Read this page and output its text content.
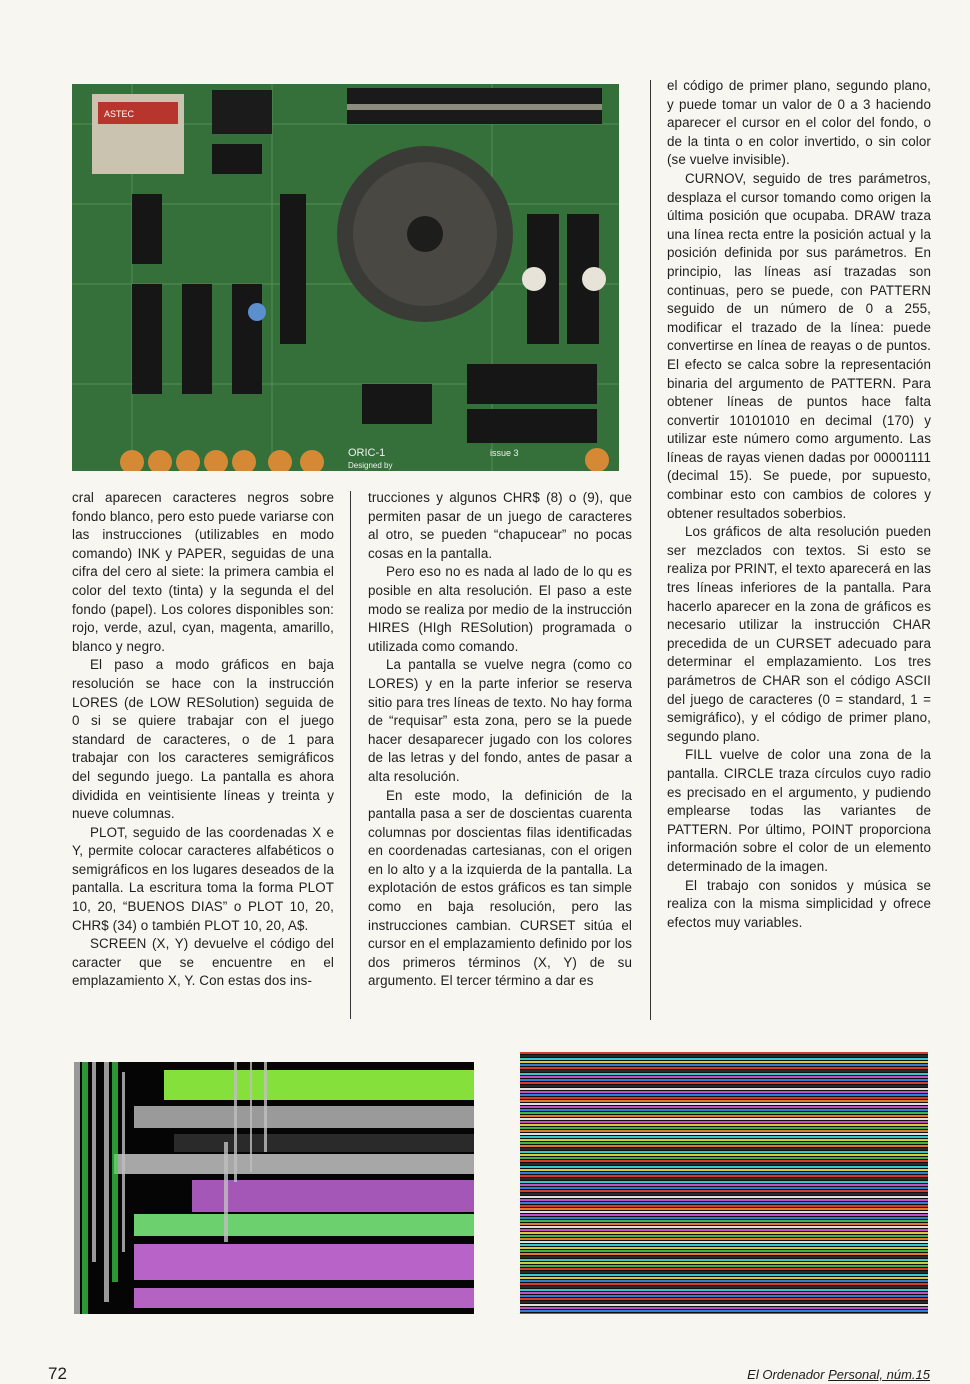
ASTEC
ORIC-1
Designed by
issue 3

cral aparecen caracteres negros sobre fondo blanco, pero esto puede variarse con las instrucciones (utilizables en modo comando) INK y PAPER, seguidas de una cifra del cero al siete: la primera cambia el color del texto (tinta) y la segunda el del fondo (papel). Los colores disponibles son: rojo, verde, azul, cyan, magenta, amarillo, blanco y negro.

El paso a modo gráficos en baja resolución se hace con la instrucción LORES (de LOW RESolution) seguida de 0 si se quiere trabajar con el juego standard de caracteres, o de 1 para trabajar con los caracteres semigráficos del segundo juego. La pantalla es ahora dividida en veintisiente líneas y treinta y nueve columnas.

PLOT, seguido de las coordenadas X e Y, permite colocar caracteres alfabéticos o semigráficos en los lugares deseados de la pantalla. La escritura toma la forma PLOT 10, 20, “BUENOS DIAS” o PLOT 10, 20, CHR$ (34) o también PLOT 10, 20, A$.

SCREEN (X, Y) devuelve el código del caracter que se encuentre en el emplazamiento X, Y. Con estas dos ins-

trucciones y algunos CHR$ (8) o (9), que permiten pasar de un juego de caracteres al otro, se pueden “chapucear” no pocas cosas en la pantalla.

Pero eso no es nada al lado de lo qu es posible en alta resolución. El paso a este modo se realiza por medio de la instrucción HIRES (HIgh RESolution) programada o utilizada como comando.

La pantalla se vuelve negra (como co LORES) y en la parte inferior se reserva sitio para tres líneas de texto. No hay forma de “requisar” esta zona, pero se la puede hacer desaparecer jugado con los colores de las letras y del fondo, antes de pasar a alta resolución.

En este modo, la definición de la pantalla pasa a ser de doscientas cuarenta columnas por doscientas filas identificadas en coordenadas cartesianas, con el origen en lo alto y a la izquierda de la pantalla. La explotación de estos gráficos es tan simple como en baja resolución, pero las instrucciones cambian. CURSET sitúa el cursor en el emplazamiento definido por los dos primeros términos (X, Y) de su argumento. El tercer término a dar es

el código de primer plano, segundo plano, y puede tomar un valor de 0 a 3 haciendo aparecer el cursor en el color del fondo, o de la tinta o en color invertido, o sin color (se vuelve invisible).

CURNOV, seguido de tres parámetros, desplaza el cursor tomando como origen la última posición que ocupaba. DRAW traza una línea recta entre la posición actual y la posición definida por sus parámetros. En principio, las líneas así trazadas son continuas, pero se puede, con PATTERN seguido de un número de 0 a 255, modificar el trazado de la línea: puede convertirse en línea de reayas o de puntos. El efecto se calca sobre la representación binaria del argumento de PATTERN. Para obtener líneas de puntos hace falta convertir 10101010 en decimal (170) y utilizar este número como argumento. Las líneas de rayas vienen dadas por 00001111 (decimal 15). Se puede, por supuesto, combinar esto con cambios de colores y obtener resultados soberbios.

Los gráficos de alta resolución pueden ser mezclados con textos. Si esto se realiza por PRINT, el texto aparecerá en las tres líneas inferiores de la pantalla. Para hacerlo aparecer en la zona de gráficos es necesario utilizar la instrucción CHAR precedida de un CURSET adecuado para determinar el emplazamiento. Los tres parámetros de CHAR son el código ASCII del juego de caracteres (0 = standard, 1 = semigráfico), y el código de primer plano, segundo plano.

FILL vuelve de color una zona de la pantalla. CIRCLE traza círculos cuyo radio es precisado en el argumento, y pudiendo emplearse todas las variantes de PATTERN. Por último, POINT proporciona información sobre el color de un elemento determinado de la imagen.

El trabajo con sonidos y música se realiza con la misma simplicidad y ofrece efectos muy variables.

72	El Ordenador Personal, núm.15
